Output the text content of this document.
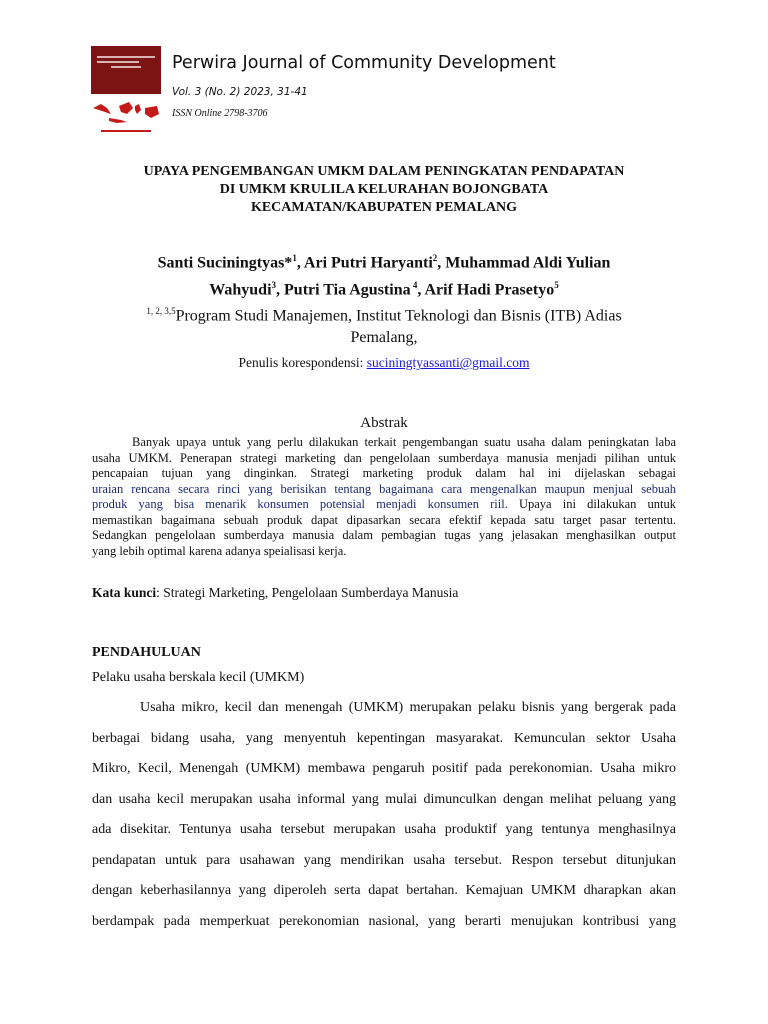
Perwira Journal of Community Development
Vol. 3 (No. 2) 2023, 31-41
ISSN Online 2798-3706
UPAYA PENGEMBANGAN UMKM DALAM PENINGKATAN PENDAPATAN
DI UMKM KRULILA KELURAHAN BOJONGBATA
KECAMATAN/KABUPATEN PEMALANG
Santi Suciningtyas*$^1$, Ari Putri Haryanti$^2$, Muhammad Aldi Yulian
Wahyudi$^3$, Putri Tia Agustina $^4$, Arif Hadi Prasetyo$^5$
$^{1, 2, 3,5}$Program Studi Manajemen, Institut Teknologi dan Bisnis (ITB) Adias
Pemalang,
Penulis korespondensi: suciningtyassanti@gmail.com
Abstrak
Banyak upaya untuk yang perlu dilakukan terkait pengembangan suatu usaha dalam peningkatan laba
usaha UMKM. Penerapan strategi marketing dan pengelolaan sumberdaya manusia menjadi pilihan untuk
pencapaian tujuan yang dinginkan. Strategi marketing produk dalam hal ini dijelaskan sebagai
uraian rencana secara rinci yang berisikan tentang bagaimana cara mengenalkan maupun menjual sebuah
produk yang bisa menarik konsumen potensial menjadi konsumen riil. Upaya ini dilakukan untuk
memastikan bagaimana sebuah produk dapat dipasarkan secara efektif kepada satu target pasar tertentu.
Sedangkan pengelolaan sumberdaya manusia dalam pembagian tugas yang jelasakan menghasilkan output
yang lebih optimal karena adanya speialisasi kerja.
Kata kunci: Strategi Marketing, Pengelolaan Sumberdaya Manusia
PENDAHULUAN
Pelaku usaha berskala kecil (UMKM)
Usaha mikro, kecil dan menengah (UMKM) merupakan pelaku bisnis yang bergerak pada
berbagai bidang usaha, yang menyentuh kepentingan masyarakat. Kemunculan sektor Usaha
Mikro, Kecil, Menengah (UMKM) membawa pengaruh positif pada perekonomian. Usaha mikro
dan usaha kecil merupakan usaha informal yang mulai dimunculkan dengan melihat peluang yang
ada disekitar. Tentunya usaha tersebut merupakan usaha produktif yang tentunya menghasilnya
pendapatan untuk para usahawan yang mendirikan usaha tersebut. Respon tersebut ditunjukan
dengan keberhasilannya yang diperoleh serta dapat bertahan. Kemajuan UMKM dharapkan akan
berdampak pada memperkuat perekonomian nasional, yang berarti menujukan kontribusi yang
